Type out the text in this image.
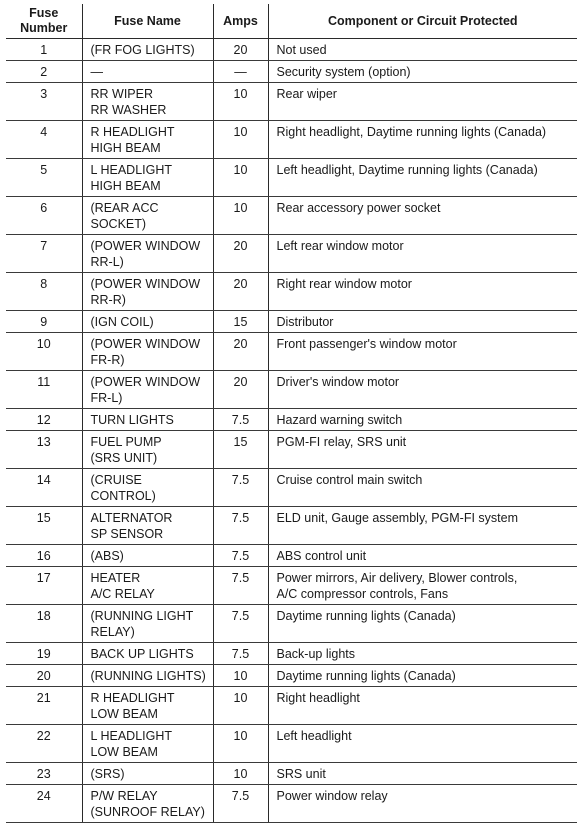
Fuse
Number	Fuse Name	Amps	Component or Circuit Protected
1	(FR FOG LIGHTS)	20	Not used
2	—	—	Security system (option)
3	RR WIPER
RR WASHER	10	Rear wiper
4	R HEADLIGHT
HIGH BEAM	10	Right headlight, Daytime running lights (Canada)
5	L HEADLIGHT
HIGH BEAM	10	Left headlight, Daytime running lights (Canada)
6	(REAR ACC SOCKET)	10	Rear accessory power socket
7	(POWER WINDOW
RR-L)	20	Left rear window motor
8	(POWER WINDOW
RR-R)	20	Right rear window motor
9	(IGN COIL)	15	Distributor
10	(POWER WINDOW
FR-R)	20	Front passenger's window motor
11	(POWER WINDOW
FR-L)	20	Driver's window motor
12	TURN LIGHTS	7.5	Hazard warning switch
13	FUEL PUMP
(SRS UNIT)	15	PGM-FI relay, SRS unit
14	(CRUISE CONTROL)	7.5	Cruise control main switch
15	ALTERNATOR
SP SENSOR	7.5	ELD unit, Gauge assembly, PGM-FI system
16	(ABS)	7.5	ABS control unit
17	HEATER
A/C RELAY	7.5	Power mirrors, Air delivery, Blower controls,
A/C compressor controls, Fans
18	(RUNNING LIGHT
RELAY)	7.5	Daytime running lights (Canada)
19	BACK UP LIGHTS	7.5	Back-up lights
20	(RUNNING LIGHTS)	10	Daytime running lights (Canada)
21	R HEADLIGHT
LOW BEAM	10	Right headlight
22	L HEADLIGHT
LOW BEAM	10	Left headlight
23	(SRS)	10	SRS unit
24	P/W RELAY
(SUNROOF RELAY)	7.5	Power window relay
